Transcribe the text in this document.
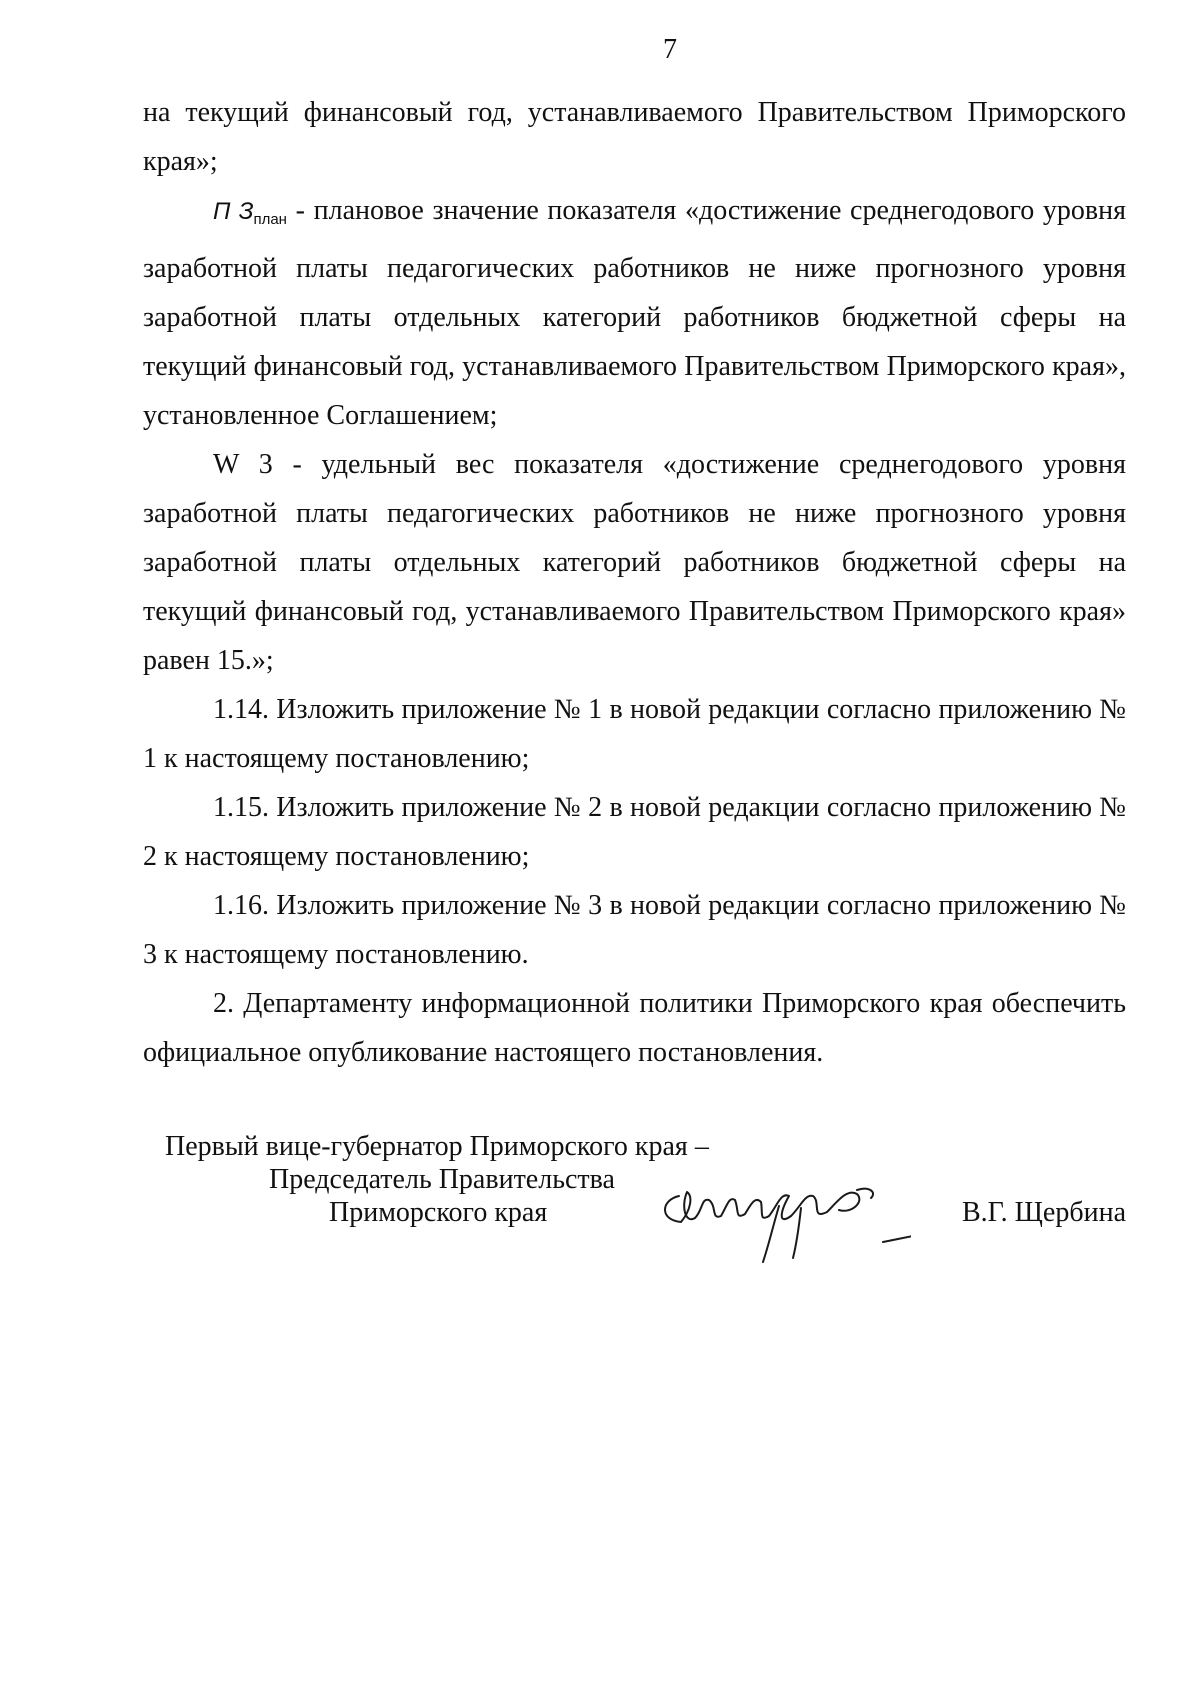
7

на текущий финансовый год, устанавливаемого Правительством Приморского края»;

П Зплан - плановое значение показателя «достижение среднегодового уровня заработной платы педагогических работников не ниже прогнозного уровня заработной платы отдельных категорий работников бюджетной сферы на текущий финансовый год, устанавливаемого Правительством Приморского края», установленное Соглашением;

W 3 - удельный вес показателя «достижение среднегодового уровня заработной платы педагогических работников не ниже прогнозного уровня заработной платы отдельных категорий работников бюджетной сферы на текущий финансовый год, устанавливаемого Правительством Приморского края» равен 15.»;

1.14. Изложить приложение № 1 в новой редакции согласно приложению № 1 к настоящему постановлению;

1.15. Изложить приложение № 2 в новой редакции согласно приложению № 2 к настоящему постановлению;

1.16. Изложить приложение № 3 в новой редакции согласно приложению № 3 к настоящему постановлению.

2. Департаменту информационной политики Приморского края обеспечить официальное опубликование настоящего постановления.

Первый вице-губернатор Приморского края –
Председатель Правительства
Приморского края	В.Г. Щербина
